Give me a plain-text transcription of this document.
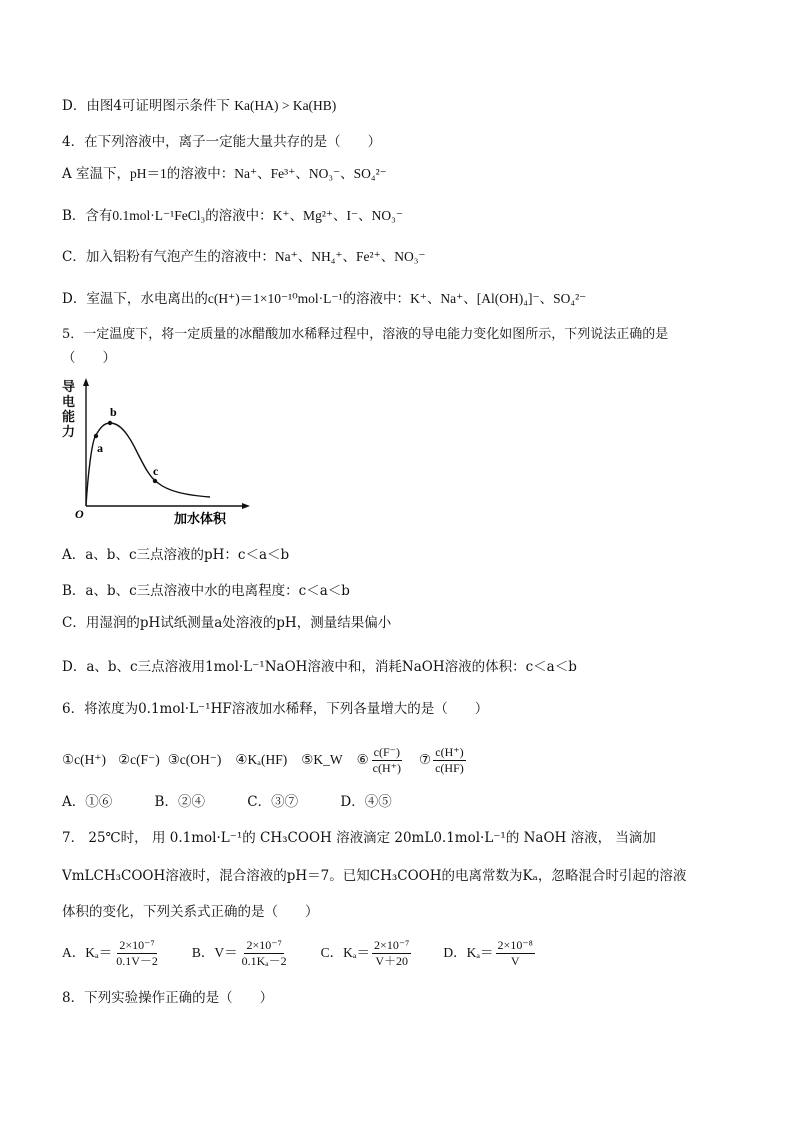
D．由图4可证明图示条件下 Ka(HA) > Ka(HB)
4．在下列溶液中，离子一定能大量共存的是（　　）
A 室温下，pH＝1的溶液中：Na⁺、Fe³⁺、NO₃⁻、SO₄²⁻
B．含有0.1mol·L⁻¹FeCl₃的溶液中：K⁺、Mg²⁺、I⁻、NO₃⁻
C．加入铝粉有气泡产生的溶液中：Na⁺、NH₄⁺、Fe²⁺、NO₃⁻
D．室温下，水电离出的c(H⁺)＝1×10⁻¹⁰mol·L⁻¹的溶液中：K⁺、Na⁺、[Al(OH)₄]⁻、SO₄²⁻
5．一定温度下，将一定质量的冰醋酸加水稀释过程中，溶液的导电能力变化如图所示，下列说法正确的是
（　　）
a
b
c
O	加水体积
导电能力
A．a、b、c三点溶液的pH：c＜a＜b
B．a、b、c三点溶液中水的电离程度：c＜a＜b
C．用湿润的pH试纸测量a处溶液的pH，测量结果偏小
D．a、b、c三点溶液用1mol·L⁻¹NaOH溶液中和，消耗NaOH溶液的体积：c＜a＜b
6．将浓度为0.1mol·L⁻¹HF溶液加水稀释，下列各量增大的是（　　）
①c(H⁺) ②c(F⁻) ③c(OH⁻) ④Kₐ(HF) ⑤K_W ⑥ $\frac{c(F^-)}{c(H^+)}$ ⑦ $\frac{c(H^+)}{c(HF)}$
A．①⑥	B．②④	C．③⑦	D．④⑤
7． 25℃时， 用 0.1mol·L⁻¹的 CH₃COOH 溶液滴定 20mL0.1mol·L⁻¹的 NaOH 溶液， 当滴加
VmLCH₃COOH溶液时，混合溶液的pH＝7。已知CH₃COOH的电离常数为Kₐ，忽略混合时引起的溶液
体积的变化，下列关系式正确的是（　　）
A．$K_a= \frac{\text{2×10⁻⁷}}{0.1V-2}$ B．$V= \frac{\text{2×10⁻⁷}}{\text{0.1Kₐ－2}}$ C．$K_a= \frac{\text{2×10⁻⁷}}{V+20}$ D．$K_a= \frac{\text{2×10⁻⁸}}{V}$
8．下列实验操作正确的是（　　）
